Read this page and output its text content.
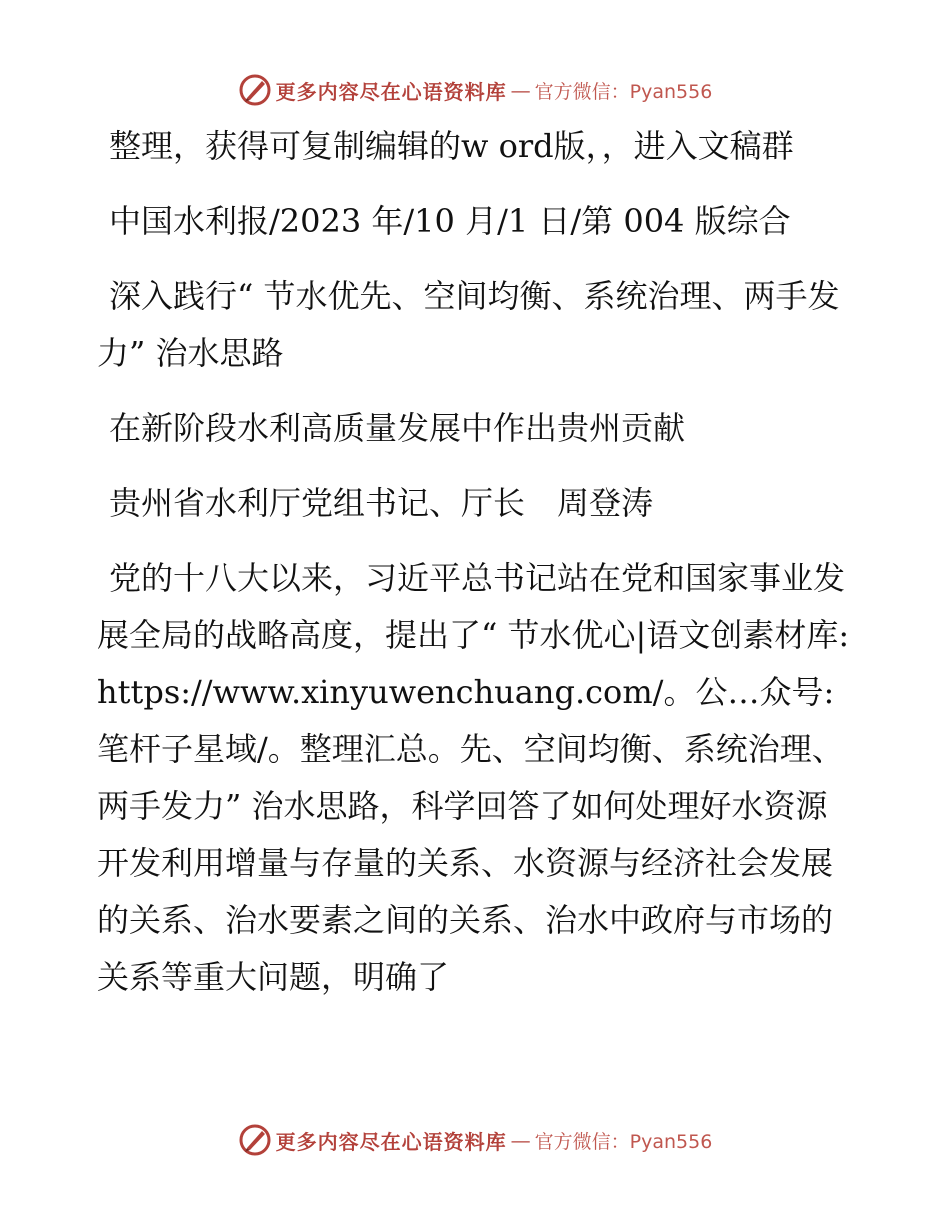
更多内容尽在心语资料库 — 官方微信：Pyan556

整理，获得可复制编辑的w ord版，，进入文稿群

中国水利报/2023 年/10 月/1 日/第 004 版综合

深入践行“ 节水优先、空间均衡、系统治理、两手发力” 治水思路

在新阶段水利高质量发展中作出贵州贡献

贵州省水利厅党组书记、厅长　周登涛

党的十八大以来，习近平总书记站在党和国家事业发展全局的战略高度，提出了“ 节水优心|语文创素材库: https://www.xinyuwenchuang.com/。公…众号: 笔杆子星域/。整理汇总。先、空间均衡、系统治理、两手发力” 治水思路，科学回答了如何处理好水资源开发利用增量与存量的关系、水资源与经济社会发展的关系、治水要素之间的关系、治水中政府与市场的关系等重大问题，明确了

更多内容尽在心语资料库 — 官方微信：Pyan556
